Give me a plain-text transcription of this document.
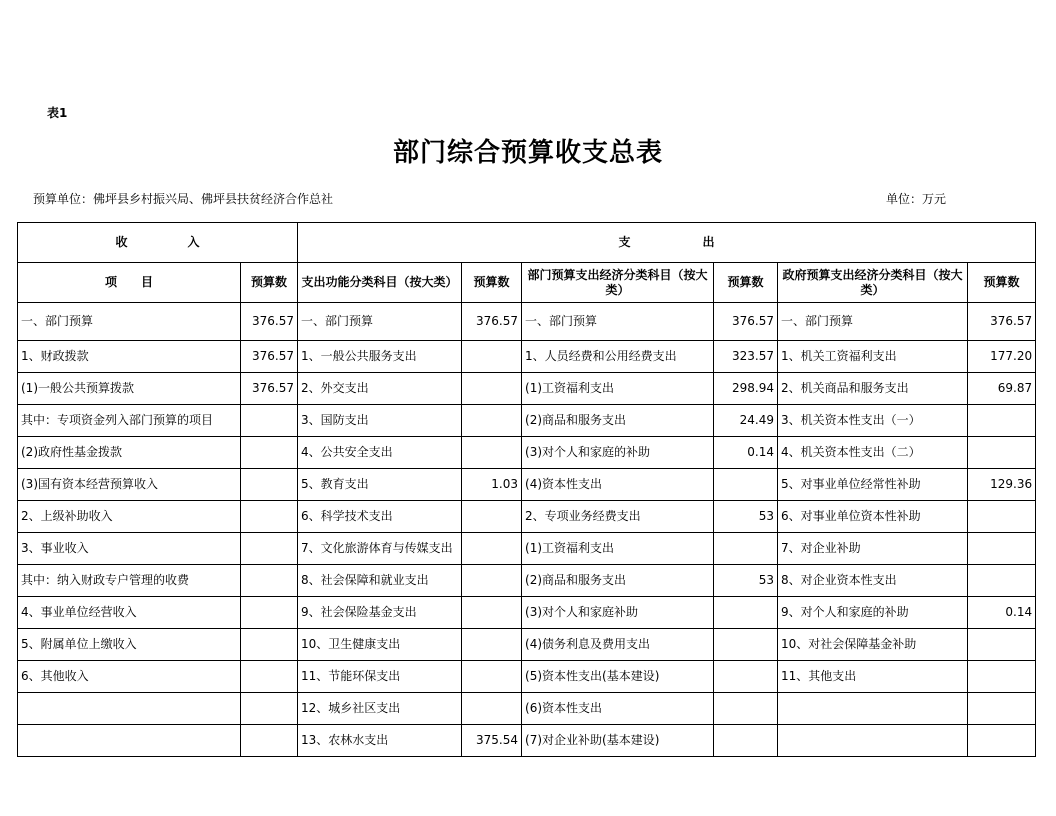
表1
部门综合预算收支总表
预算单位：佛坪县乡村振兴局、佛坪县扶贫经济合作总社	单位：万元
收　　　　　入		支　　　　　　出					
项　　目	预算数	支出功能分类科目（按大类）	预算数	部门预算支出经济分类科目（按大类）	预算数	政府预算支出经济分类科目（按大类）	预算数
一、部门预算	376.57	一、部门预算	376.57	一、部门预算	376.57	一、部门预算	376.57
1、财政拨款	376.57	1、一般公共服务支出		1、人员经费和公用经费支出	323.57	1、机关工资福利支出	177.20
(1)一般公共预算拨款	376.57	2、外交支出		(1)工资福利支出	298.94	2、机关商品和服务支出	69.87
其中：专项资金列入部门预算的项目		3、国防支出		(2)商品和服务支出	24.49	3、机关资本性支出（一）	
(2)政府性基金拨款		4、公共安全支出		(3)对个人和家庭的补助	0.14	4、机关资本性支出（二）	
(3)国有资本经营预算收入		5、教育支出	1.03	(4)资本性支出		5、对事业单位经常性补助	129.36
2、上级补助收入		6、科学技术支出		2、专项业务经费支出	53	6、对事业单位资本性补助	
3、事业收入		7、文化旅游体育与传媒支出		(1)工资福利支出		7、对企业补助	
其中：纳入财政专户管理的收费		8、社会保障和就业支出		(2)商品和服务支出	53	8、对企业资本性支出	
4、事业单位经营收入		9、社会保险基金支出		(3)对个人和家庭补助		9、对个人和家庭的补助	0.14
5、附属单位上缴收入		10、卫生健康支出		(4)债务利息及费用支出		10、对社会保障基金补助	
6、其他收入		11、节能环保支出		(5)资本性支出(基本建设)		11、其他支出	
		12、城乡社区支出		(6)资本性支出			
		13、农林水支出	375.54	(7)对企业补助(基本建设)			
